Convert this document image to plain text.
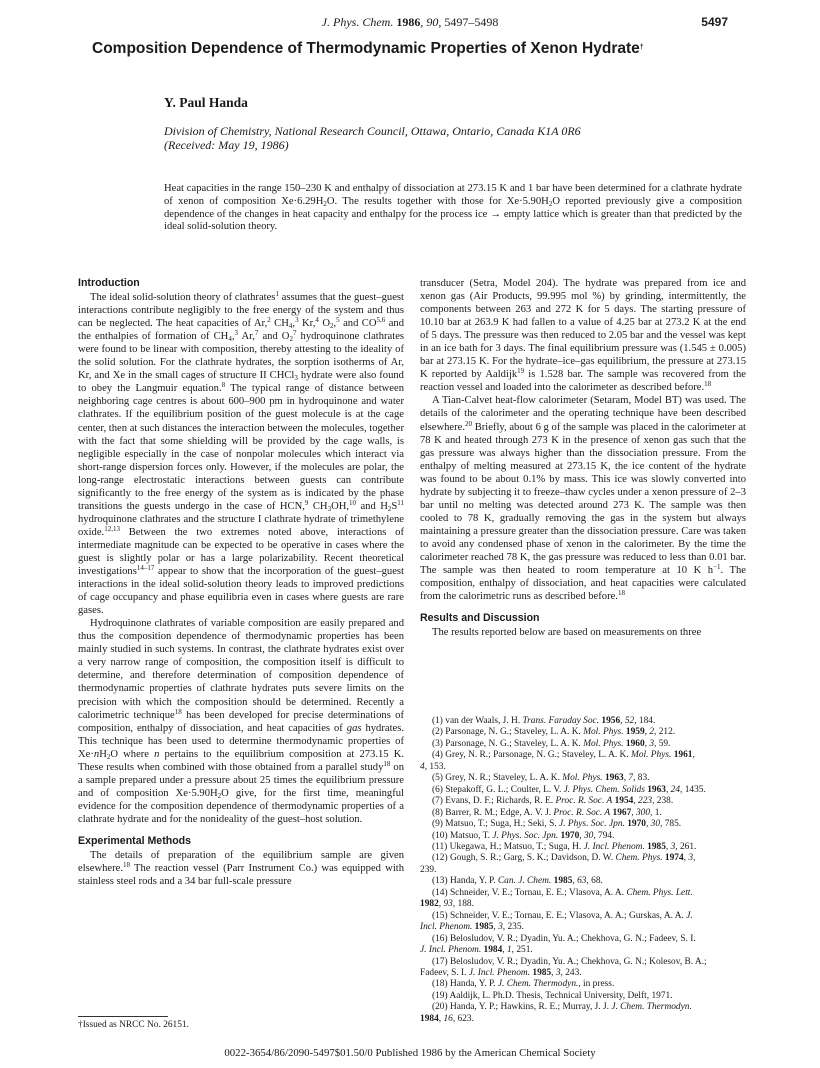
J. Phys. Chem. 1986, 90, 5497–5498	5497
Composition Dependence of Thermodynamic Properties of Xenon Hydrate†
Y. Paul Handa
Division of Chemistry, National Research Council, Ottawa, Ontario, Canada K1A 0R6
(Received: May 19, 1986)
Heat capacities in the range 150–230 K and enthalpy of dissociation at 273.15 K and 1 bar have been determined for a clathrate hydrate of xenon of composition $Xe\cdot 6.29H_2O$. The results together with those for $Xe\cdot 5.90H_2O$ reported previously give a composition dependence of the changes in heat capacity and enthalpy for the process ice → empty lattice which is greater than that predicted by the ideal solid-solution theory.
Introduction

The ideal solid-solution theory of clathrates$^1$ assumes that the guest–guest interactions contribute negligibly to the free energy of the system and thus can be neglected. The heat capacities of Ar,$^2$ $CH_4,^3$ Kr,$^4$ $O_2,^5$ and CO$^{5,6}$ and the enthalpies of formation of $CH_4,^3$ Ar,$^7$ and $O_2^7$ hydroquinone clathrates were found to be linear with composition, thereby attesting to the ideality of the solid solution. For the clathrate hydrates, the sorption isotherms of Ar, Kr, and Xe in the small cages of structure II CHCl$_3$ hydrate were also found to obey the Langmuir equation.$^8$ The typical range of distance between neighboring cage centres is about 600–900 pm in hydroquinone and water clathrates. If the equilibrium position of the guest molecule is at the cage center, then at such distances the interaction between the molecules, together with the fact that some shielding will be provided by the cage walls, is negligible especially in the case of nonpolar molecules which interact via short-range dispersion forces only. However, if the molecules are polar, the long-range electrostatic interactions between guests can contribute significantly to the free energy of the system as is indicated by the phase transitions the guests undergo in the case of HCN,$^9$ $CH_3OH,^{10}$ and $H_2S^{11}$ hydroquinone clathrates and the structure I clathrate hydrate of trimethylene oxide.$^{12,13}$ Between the two extremes noted above, interactions of intermediate magnitude can be expected to be operative in cases where the guest is slightly polar or has a large polarizability. Recent theoretical investigations$^{14-17}$ appear to show that the incorporation of the guest–guest interactions in the ideal solid-solution theory leads to improved predictions of cage occupancy and phase equilibria even in cases where guests are rare gases.

Hydroquinone clathrates of variable composition are easily prepared and thus the composition dependence of thermodynamic properties has been mainly studied in such systems. In contrast, the clathrate hydrates exist over a very narrow range of composition, the composition itself is difficult to determine, and therefore determination of composition dependence of thermodynamic properties of clathrate hydrates puts severe limits on the precision with which the composition should be determined. Recently a calorimetric technique$^{18}$ has been developed for precise determinations of composition, enthalpy of dissociation, and heat capacities of gas hydrates. This technique has been used to determine thermodynamic properties of $Xe\cdot nH_2O$ where n pertains to the equilibrium composition at 273.15 K. These results when combined with those obtained from a parallel study$^{18}$ on a sample prepared under a pressure about 25 times the equilibrium pressure and of composition $Xe\cdot 5.90H_2O$ give, for the first time, meaningful evidence for the composition dependence of thermodynamic properties of a clathrate hydrate and for the nonideality of the guest–host solution.

Experimental Methods

The details of preparation of the equilibrium sample are given elsewhere.$^{18}$ The reaction vessel (Parr Instrument Co.) was equipped with stainless steel rods and a 34 bar full-scale pressure

transducer (Setra, Model 204). The hydrate was prepared from ice and xenon gas (Air Products, 99.995 mol %) by grinding, intermittently, the components between 263 and 272 K for 5 days. The starting pressure of 10.10 bar at 263.9 K had fallen to a value of 4.25 bar at 273.2 K at the end of 5 days. The pressure was then reduced to 2.05 bar and the vessel was kept in an ice bath for 3 days. The final equilibrium pressure was (1.545 ± 0.005) bar at 273.15 K. For the hydrate–ice–gas equilibrium, the pressure at 273.15 K reported by Aaldijk$^{19}$ is 1.528 bar. The sample was recovered from the reaction vessel and loaded into the calorimeter as described before.$^{18}$

A Tian-Calvet heat-flow calorimeter (Setaram, Model BT) was used. The details of the calorimeter and the operating technique have been described elsewhere.$^{20}$ Briefly, about 6 g of the sample was placed in the calorimeter at 78 K and heated through 273 K in the presence of xenon gas such that the gas pressure was always higher than the dissociation pressure. From the enthalpy of melting measured at 273.15 K, the ice content of the hydrate was found to be about 0.1% by mass. This ice was slowly converted into hydrate by subjecting it to freeze–thaw cycles under a xenon pressure of 2–3 bar until no melting was detected around 273 K. The sample was then cooled to 78 K, gradually removing the gas in the system but always maintaining a pressure greater than the dissociation pressure. Care was taken to avoid any condensed phase of xenon in the calorimeter. By the time the calorimeter reached 78 K, the gas pressure was reduced to less than 0.01 bar. The sample was then heated to room temperature at 10 K $h^{-1}$. The composition, enthalpy of dissociation, and heat capacities were calculated from the calorimetric runs as described before.$^{18}$

Results and Discussion

The results reported below are based on measurements on three

(1) van der Waals, J. H. Trans. Faraday Soc. 1956, 52, 184.
(2) Parsonage, N. G.; Staveley, L. A. K. Mol. Phys. 1959, 2, 212.
(3) Parsonage, N. G.; Staveley, L. A. K. Mol. Phys. 1960, 3, 59.
(4) Grey, N. R.; Parsonage, N. G.; Staveley, L. A. K. Mol. Phys. 1961,
4, 153.
(5) Grey, N. R.; Staveley, L. A. K. Mol. Phys. 1963, 7, 83.
(6) Stepakoff, G. L.; Coulter, L. V. J. Phys. Chem. Solids 1963, 24, 1435.
(7) Evans, D. F.; Richards, R. E. Proc. R. Soc. A 1954, 223, 238.
(8) Barrer, R. M.; Edge, A. V. J. Proc. R. Soc. A 1967, 300, 1.
(9) Matsuo, T.; Suga, H.; Seki, S. J. Phys. Soc. Jpn. 1970, 30, 785.
(10) Matsuo, T. J. Phys. Soc. Jpn. 1970, 30, 794.
(11) Ukegawa, H.; Matsuo, T.; Suga, H. J. Incl. Phenom. 1985, 3, 261.
(12) Gough, S. R.; Garg, S. K.; Davidson, D. W. Chem. Phys. 1974, 3,
239.
(13) Handa, Y. P. Can. J. Chem. 1985, 63, 68.
(14) Schneider, V. E.; Tornau, E. E.; Vlasova, A. A. Chem. Phys. Lett.
1982, 93, 188.
(15) Schneider, V. E.; Tornau, E. E.; Vlasova, A. A.; Gurskas, A. A. J.
Incl. Phenom. 1985, 3, 235.
(16) Belosludov, V. R.; Dyadin, Yu. A.; Chekhova, G. N.; Fadeev, S. I.
J. Incl. Phenom. 1984, 1, 251.
(17) Belosludov, V. R.; Dyadin, Yu. A.; Chekhova, G. N.; Kolesov, B. A.;
Fadeev, S. I. J. Incl. Phenom. 1985, 3, 243.
(18) Handa, Y. P. J. Chem. Thermodyn., in press.
(19) Aaldijk, L. Ph.D. Thesis, Technical University, Delft, 1971.
(20) Handa, Y. P.; Hawkins, R. E.; Murray, J. J. J. Chem. Thermodyn.
1984, 16, 623.
†Issued as NRCC No. 26151.
0022-3654/86/2090-5497$01.50/0 Published 1986 by the American Chemical Society
